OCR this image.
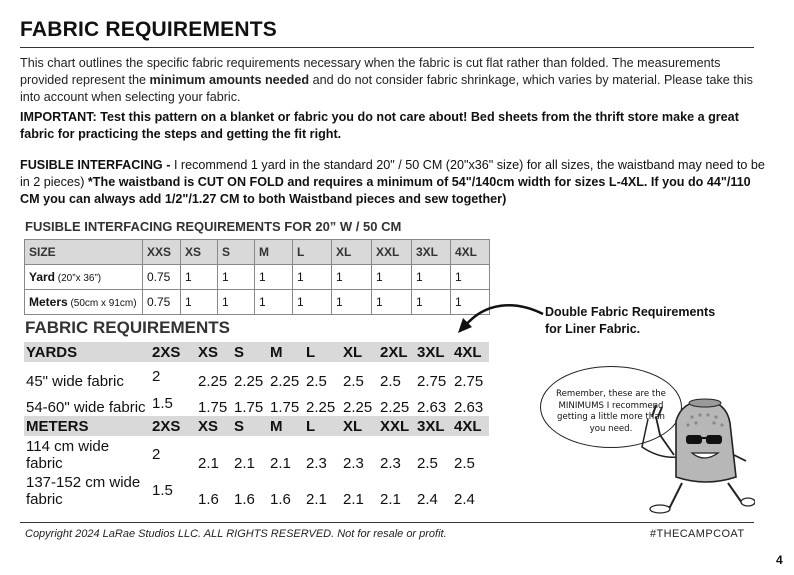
FABRIC REQUIREMENTS
This chart outlines the specific fabric requirements necessary when the fabric is cut flat rather than folded. The measurements provided represent the minimum amounts needed and do not consider fabric shrinkage, which varies by material. Please take this into account when selecting your fabric.
IMPORTANT: Test this pattern on a blanket or fabric you do not care about! Bed sheets from the thrift store make a great fabric for practicing the steps and getting the fit right.
FUSIBLE INTERFACING - I recommend 1 yard in the standard 20" / 50 CM (20"x36" size) for all sizes, the waistband may need to be in 2 pieces) *The waistband is CUT ON FOLD and requires a minimum of 54"/140cm width for sizes L-4XL. If you do 44"/110 CM you can always add 1/2"/1.27 CM to both Waistband pieces and sew together)
FUSIBLE INTERFACING REQUIREMENTS FOR 20” W / 50 CM
SIZE	XXS	XS	S	M	L	XL	XXL	3XL	4XL
Yard (20”x 36”)	0.75	1	1	1	1	1	1	1	1
Meters (50cm x 91cm)	0.75	1	1	1	1	1	1	1	1
FABRIC REQUIREMENTS
YARDS	2XS	XS	S	M	L	XL	2XL	3XL	4XL
45" wide fabric	2	2.25	2.25	2.25	2.5	2.5	2.5	2.75	2.75
54-60" wide fabric	1.5	1.75	1.75	1.75	2.25	2.25	2.25	2.63	2.63
METERS	2XS	XS	S	M	L	XL	XXL	3XL	4XL
114 cm wide fabric	2	2.1	2.1	2.1	2.3	2.3	2.3	2.5	2.5
137-152 cm wide fabric	1.5	1.6	1.6	1.6	2.1	2.1	2.1	2.4	2.4
Double Fabric Requirements
for Liner Fabric.
Remember, these are the MINIMUMS I recommend getting a little more than you need.
Copyright 2024 LaRae Studios LLC. ALL RIGHTS RESERVED. Not for resale or profit.	#THECAMPCOAT
4
